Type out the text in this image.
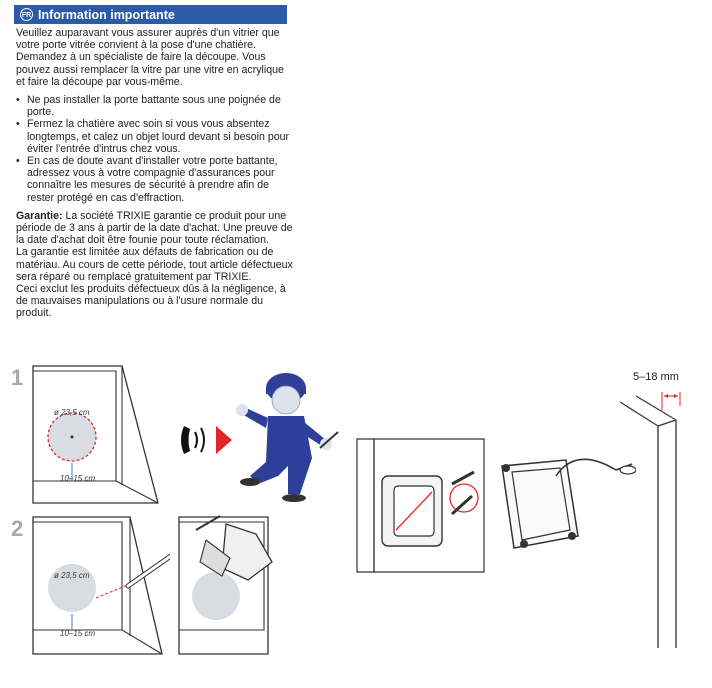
FR Information importante

Veuillez auparavant vous assurer auprès d'un vitrier que votre porte vitrée convient à la pose d'une chatière. Demandez à un spécialiste de faire la découpe. Vous pouvez aussi remplacer la vitre par une vitre en acrylique et faire la découpe par vous-même.

• Ne pas installer la porte battante sous une poignée de porte.
• Fermez la chatière avec soin si vous vous absentez longtemps, et calez un objet lourd devant si besoin pour éviter l'entrée d'intrus chez vous.
• En cas de doute avant d'installer votre porte battante, adressez vous à votre compagnie d'assurances pour connaître les mesures de sécurité à prendre afin de rester protégé en cas d'effraction.

Garantie: La société TRIXIE garantie ce produit pour une période de 3 ans à partir de la date d'achat. Une preuve de la date d'achat doit être founie pour toute réclamation.

La garantie est limitée aux défauts de fabrication ou de matériau. Au cours de cette période, tout article défectueux sera réparé ou remplacé gratuitement par TRIXIE.

Ceci exclut les produits défectueux dûs à la négligence, à de mauvaises manipulations ou à l'usure normale du produit.

1
2
ø 23,5 cm
10–15 cm
ø 23,5 cm
10–15 cm
5–18 mm
